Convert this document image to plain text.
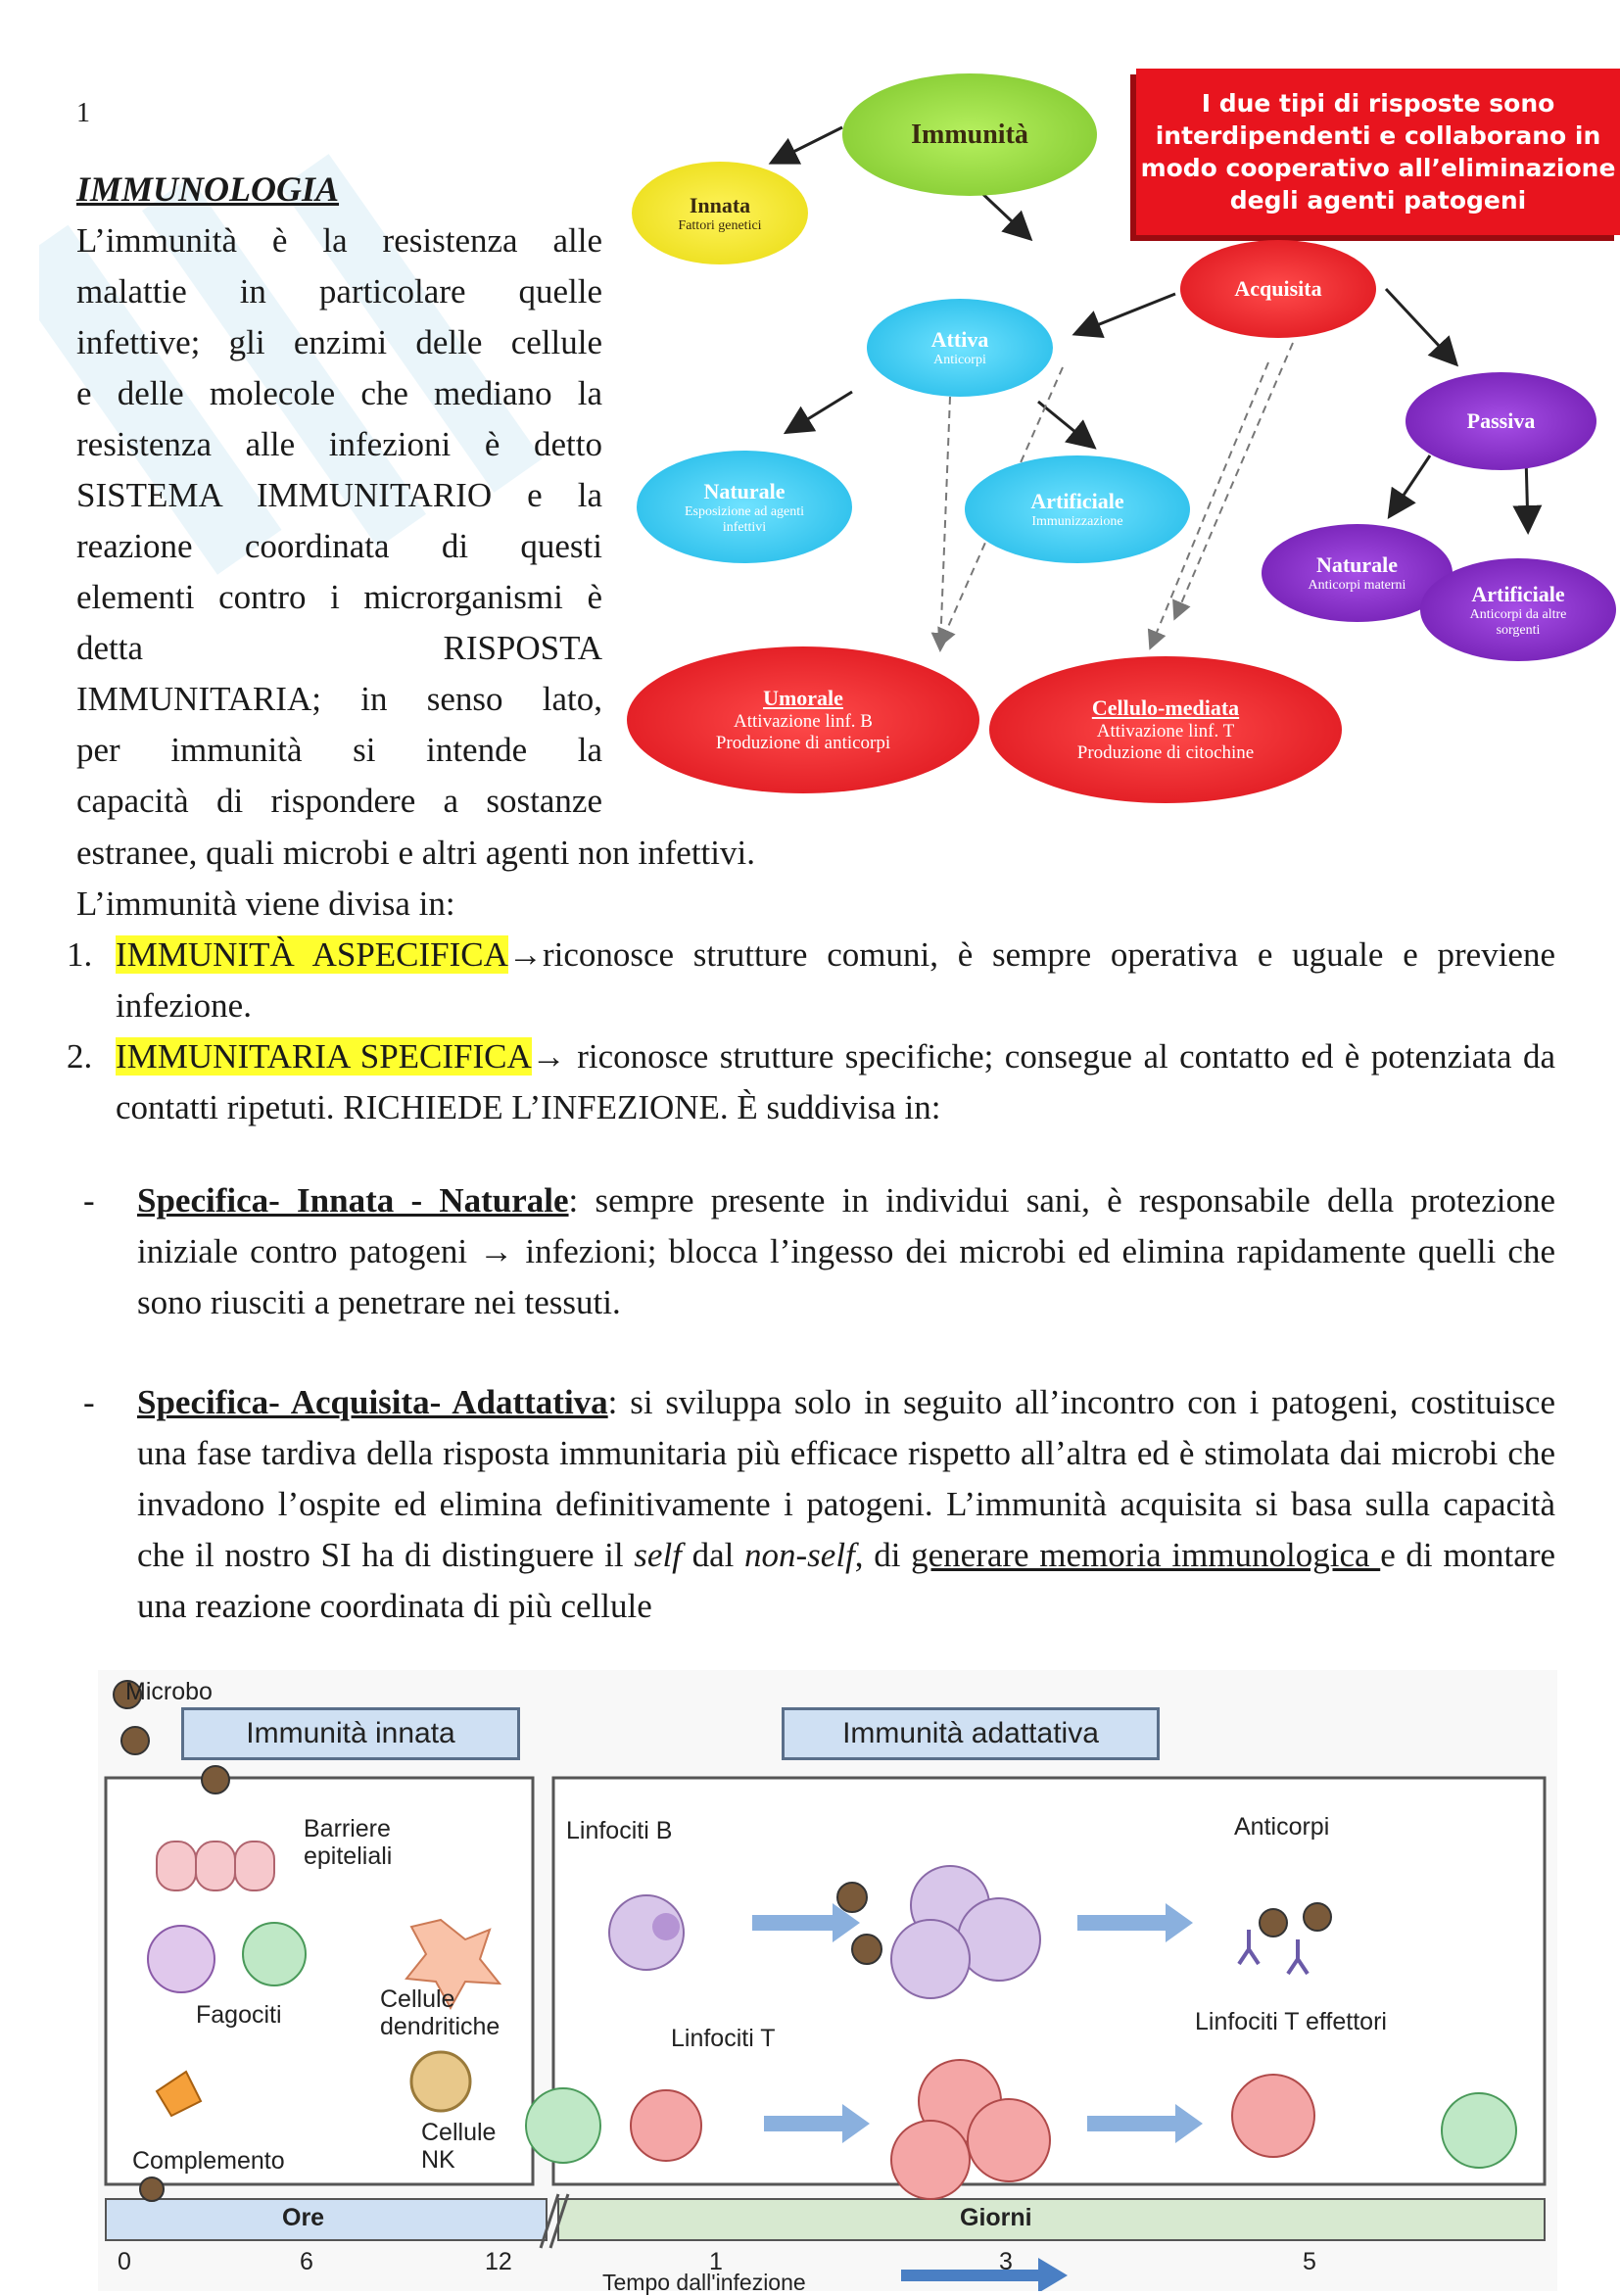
1
IMMUNOLOGIA
L’immunità è la resistenza alle
malattie in particolare quelle
infettive; gli enzimi delle cellule
e delle molecole che mediano la
resistenza alle infezioni è detto
SISTEMA IMMUNITARIO e la
reazione coordinata di questi
elementi contro i microrganismi è
detta RISPOSTA
IMMUNITARIA; in senso lato,
per immunità si intende la
capacità di rispondere a sostanze
estranee, quali microbi e altri agenti non infettivi.
L’immunità viene divisa in:
1. IMMUNITÀ ASPECIFICA→riconosce strutture comuni, è sempre operativa e uguale e previene infezione.
2. IMMUNITARIA SPECIFICA→ riconosce strutture specifiche; consegue al contatto ed è potenziata da contatti ripetuti. RICHIEDE L’INFEZIONE. È suddivisa in:
- Specifica- Innata - Naturale: sempre presente in individui sani, è responsabile della protezione iniziale contro patogeni → infezioni; blocca l’ingesso dei microbi ed elimina rapidamente quelli che sono riusciti a penetrare nei tessuti.
- Specifica- Acquisita- Adattativa: si sviluppa solo in seguito all’incontro con i patogeni, costituisce una fase tardiva della risposta immunitaria più efficace rispetto all’altra ed è stimolata dai microbi che invadono l’ospite ed elimina definitivamente i patogeni. L’immunità acquisita si basa sulla capacità che il nostro SI ha di distinguere il self dal non-self, di generare memoria immunologica e di montare una reazione coordinata di più cellule
I due tipi di risposte sono interdipendenti e collaborano in modo cooperativo all’eliminazione degli agenti patogeni
Immunità
Innata
Fattori genetici
Acquisita
Attiva
Anticorpi
Passiva
Naturale
Esposizione ad agenti infettivi
Artificiale
Immunizzazione
Naturale
Anticorpi materni	Artificiale
Anticorpi da altre sorgenti
Umorale
Attivazione linf. B
Produzione di anticorpi
Cellulo-mediata
Attivazione linf. T
Produzione di citochine
Microbo
Immunità innata	Immunità adattativa
Barriere
epiteliali
Fagociti
Cellule
dendritiche
Complemento
Cellule
NK
Linfociti B
Linfociti T
Anticorpi
Linfociti T effettori
Ore	Giorni
0	6	12	1	3	5
Tempo dall'infezione
